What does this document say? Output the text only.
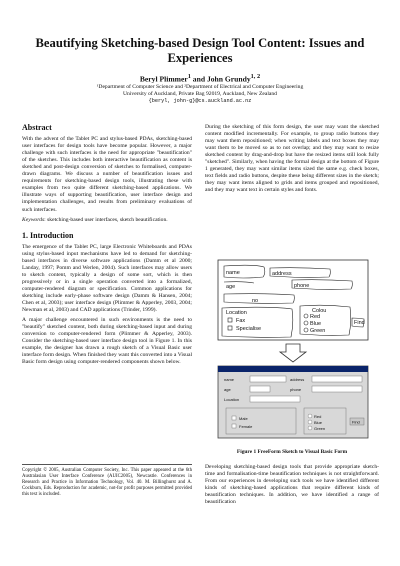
Beautifying Sketching-based Design Tool Content: Issues and Experiences
Beryl Plimmer$^1$ and John Grundy$^{1, 2}$
¹Department of Computer Science and ²Department of Electrical and Computer Engineering
University of Auckland, Private Bag 92019, Auckland, New Zealand
{beryl, john-g}@cs.auckland.ac.nz
Abstract

With the advent of the Tablet PC and stylus-based PDAs, sketching-based user interfaces for design tools have become popular. However, a major challenge with such interfaces is the need for appropriate "beautification" of the sketches. This includes both interactive beautification as content is sketched and post-design conversion of sketches to formalised, computer-drawn diagrams. We discuss a number of beautification issues and requirements for sketching-based design tools, illustrating these with examples from two quite different sketching-based applications. We illustrate ways of supporting beautification, user interface design and implementation challenges, and results from preliminary evaluations of such interfaces.

Keywords: sketching-based user interfaces, sketch beautification.

1. Introduction

The emergence of the Tablet PC, large Electronic Whiteboards and PDAs using stylus-based input mechanisms have led to demand for sketching-based interfaces in diverse software applications (Damm et al 2000; Landay, 1997; Pomm and Werlen, 2004). Such interfaces may allow users to sketch content, typically a design of some sort, which is then progressively or in a single operation converted into a formalized, computer-rendered diagram or specification. Common applications for sketching include early-phase software design (Damm & Hansen, 2004; Chen et al, 2003); user interface design (Plimmer & Apperley, 2003, 2004; Newman et al, 2003) and CAD applications (Trinder, 1999).

A major challenge encountered in such environments is the need to "beautify" sketched content, both during sketching-based input and during conversion to computer-rendered form (Plimmer & Apperley, 2003). Consider the sketching-based user interface design tool in Figure 1. In this example, the designer has drawn a rough sketch of a Visual Basic user interface form design. When finished they want this converted into a Visual Basic form design using computer-rendered components shown below.

Copyright © 2005, Australian Computer Society, Inc. This paper appeared at the 6th Australasian User Interface Conference (AUIC2005), Newcastle. Conferences in Research and Practice in Information Technology, Vol. 40. M. Billinghurst and A. Cockburn, Eds. Reproduction for academic, not-for profit purposes permitted provided this text is included.

During the sketching of this form design, the user may want the sketched content modified incrementally. For example, to group radio buttons they may want them repositioned; when writing labels and text boxes they may want them to be moved so as to not overlap; and they may want to resize sketched content by drag-and-drop but have the resized items still look fully "sketched". Similarly, when having the formal design at the bottom of Figure 1 generated, they may want similar items sized the same e.g. check boxes, text fields and radio buttons, despite these being different sizes in the sketch; they may want items aligned to grids and items grouped and repositioned, and they may want text in certain styles and fonts.

name	address
age	phone
Location	Colou
Red
Blue
Green
no
Fax
Specialise
Find
name	address
age	phone
Location
Male
Female
Red
Blue
Green
Find
Figure 1 FreeForm Sketch to Visual Basic Form
Developing sketching-based design tools that provide appropriate sketch-time and formalisation-time beautification techniques is not straightforward. From our experiences in developing such tools we have identified different kinds of sketching-based applications that require different kinds of beautification techniques. In addition, we have identified a range of beautification
